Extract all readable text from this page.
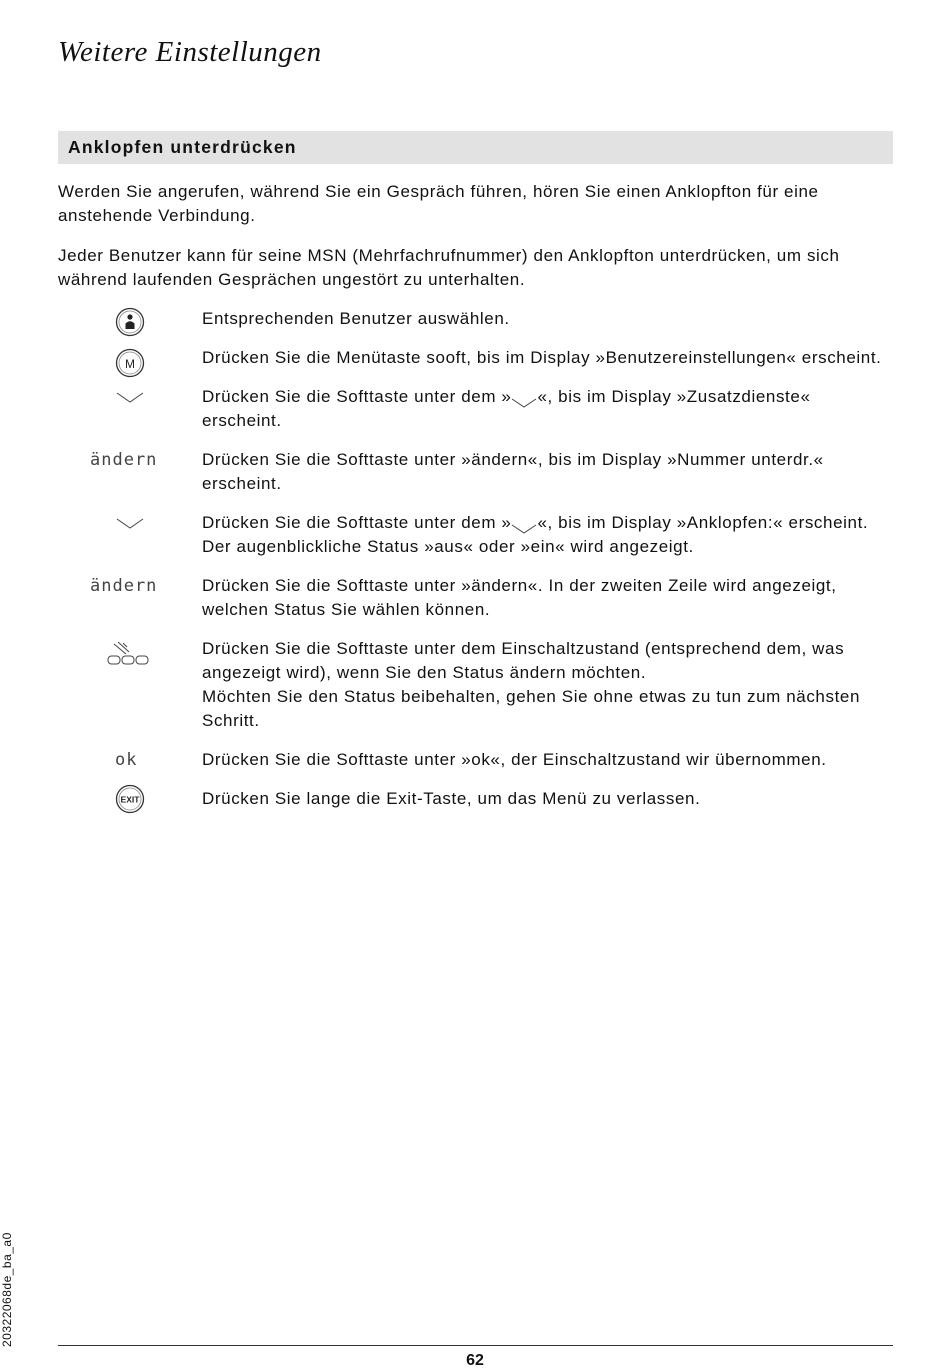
Weitere Einstellungen
Anklopfen unterdrücken
Werden Sie angerufen, während Sie ein Gespräch führen, hören Sie einen Anklopfton für eine anstehende Verbindung.
Jeder Benutzer kann für seine MSN (Mehrfachrufnummer) den Anklopfton unterdrücken, um sich während laufenden Gesprächen ungestört zu unterhalten.
Entsprechenden Benutzer auswählen.
M	Drücken Sie die Menütaste sooft, bis im Display »Benutzereinstellungen« erscheint.
Drücken Sie die Softtaste unter dem » «, bis im Display »Zusatzdienste« erscheint.
ändern	Drücken Sie die Softtaste unter »ändern«, bis im Display »Nummer unterdr.« erscheint.
Drücken Sie die Softtaste unter dem » «, bis im Display »Anklopfen:« erscheint. Der augenblickliche Status »aus« oder »ein« wird angezeigt.
ändern	Drücken Sie die Softtaste unter »ändern«. In der zweiten Zeile wird angezeigt, welchen Status Sie wählen können.
Drücken Sie die Softtaste unter dem Einschaltzustand (entsprechend dem, was angezeigt wird), wenn Sie den Status ändern möchten.
Möchten Sie den Status beibehalten, gehen Sie ohne etwas zu tun zum nächsten Schritt.
ok	Drücken Sie die Softtaste unter »ok«, der Einschaltzustand wir übernommen.
EXIT	Drücken Sie lange die Exit-Taste, um das Menü zu verlassen.
20322068de_ba_a0
62
